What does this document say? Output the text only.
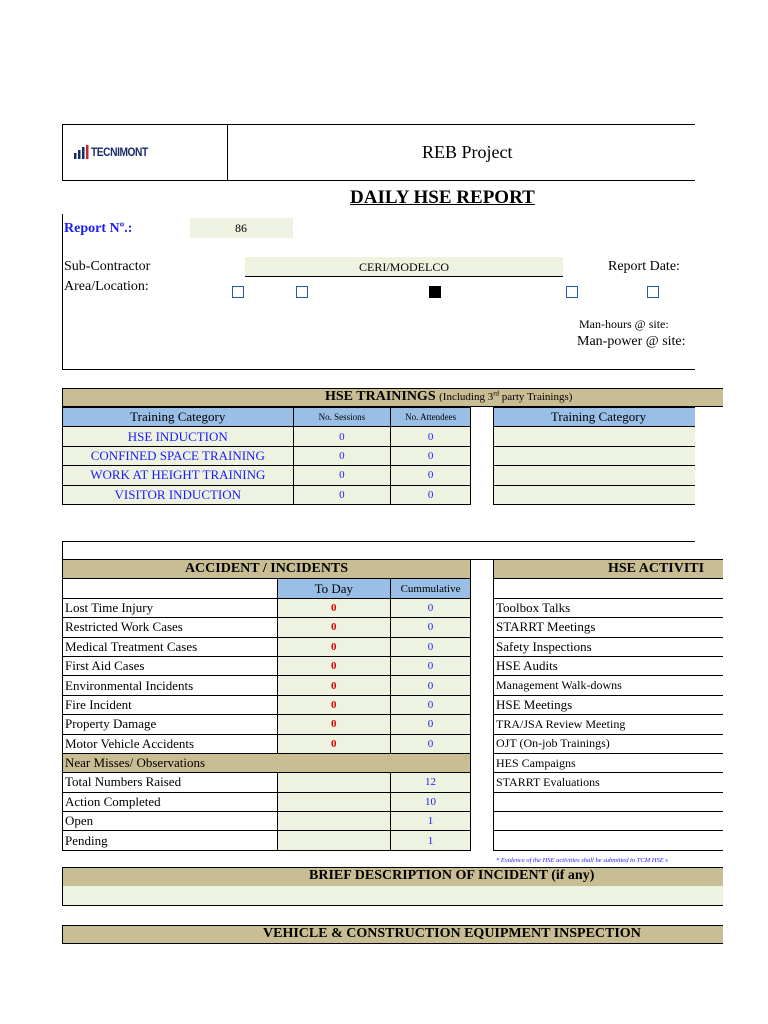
TECNIMONT	REB Project
DAILY HSE REPORT
Report Nº.:	86
Sub-Contractor	CERI/MODELCO	Report Date:
Area/Location:
Man-hours @ site:
Man-power @ site:
HSE TRAININGS (Including 3rd party Trainings)
Training Category	No. Sessions	No. Attendees
HSE INDUCTION	0	0
CONFINED SPACE TRAINING	0	0
WORK AT HEIGHT TRAINING	0	0
VISITOR INDUCTION	0	0
Training Category

ACCIDENT / INCIDENTS		
	To Day	Cummulative
Lost Time Injury	0	0
Restricted Work Cases	0	0
Medical Treatment Cases	0	0
First Aid Cases	0	0
Environmental Incidents	0	0
Fire Incident	0	0
Property Damage	0	0
Motor Vehicle Accidents	0	0
Near Misses/ Observations		
Total Numbers Raised		12
Action Completed		10
Open		1
Pending		1
HSE ACTIVITI

Toolbox Talks
STARRT Meetings
Safety Inspections
HSE Audits
Management Walk-downs
HSE Meetings
TRA/JSA Review Meeting
OJT (On-job Trainings)
HES Campaigns
STARRT Evaluations

* Evidence of the HSE activities shall be submitted to TCM HSE s
BRIEF DESCRIPTION OF INCIDENT (if any)
VEHICLE & CONSTRUCTION EQUIPMENT INSPECTION
